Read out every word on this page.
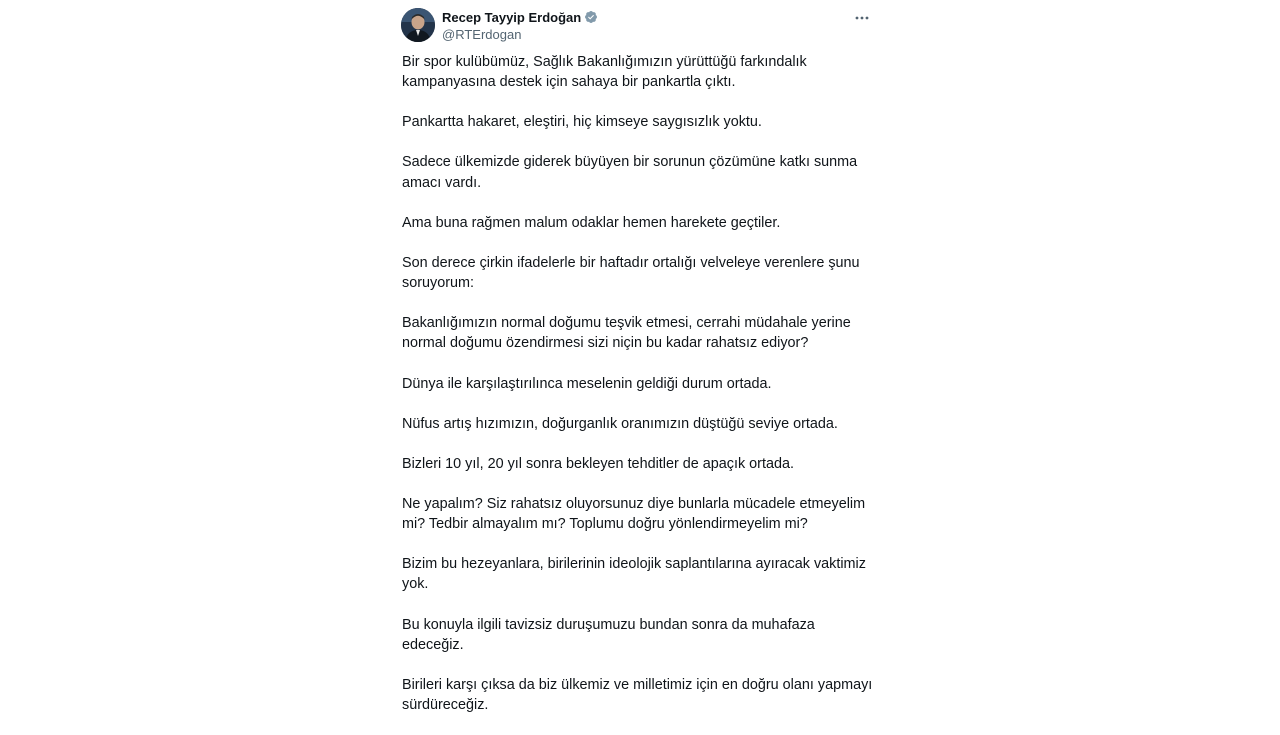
Recep Tayyip Erdoğan
@RTErdogan

Bir spor kulübümüz, Sağlık Bakanlığımızın yürüttüğü farkındalık kampanyasına destek için sahaya bir pankartla çıktı.

Pankartta hakaret, eleştiri, hiç kimseye saygısızlık yoktu.

Sadece ülkemizde giderek büyüyen bir sorunun çözümüne katkı sunma amacı vardı.

Ama buna rağmen malum odaklar hemen harekete geçtiler.

Son derece çirkin ifadelerle bir haftadır ortalığı velveleye verenlere şunu soruyorum:

Bakanlığımızın normal doğumu teşvik etmesi, cerrahi müdahale yerine normal doğumu özendirmesi sizi niçin bu kadar rahatsız ediyor?

Dünya ile karşılaştırılınca meselenin geldiği durum ortada.

Nüfus artış hızımızın, doğurganlık oranımızın düştüğü seviye ortada.

Bizleri 10 yıl, 20 yıl sonra bekleyen tehditler de apaçık ortada.

Ne yapalım? Siz rahatsız oluyorsunuz diye bunlarla mücadele etmeyelim mi? Tedbir almayalım mı? Toplumu doğru yönlendirmeyelim mi?

Bizim bu hezeyanlara, birilerinin ideolojik saplantılarına ayıracak vaktimiz yok.

Bu konuyla ilgili tavizsiz duruşumuzu bundan sonra da muhafaza edeceğiz.

Birileri karşı çıksa da biz ülkemiz ve milletimiz için en doğru olanı yapmayı sürdüreceğiz.
